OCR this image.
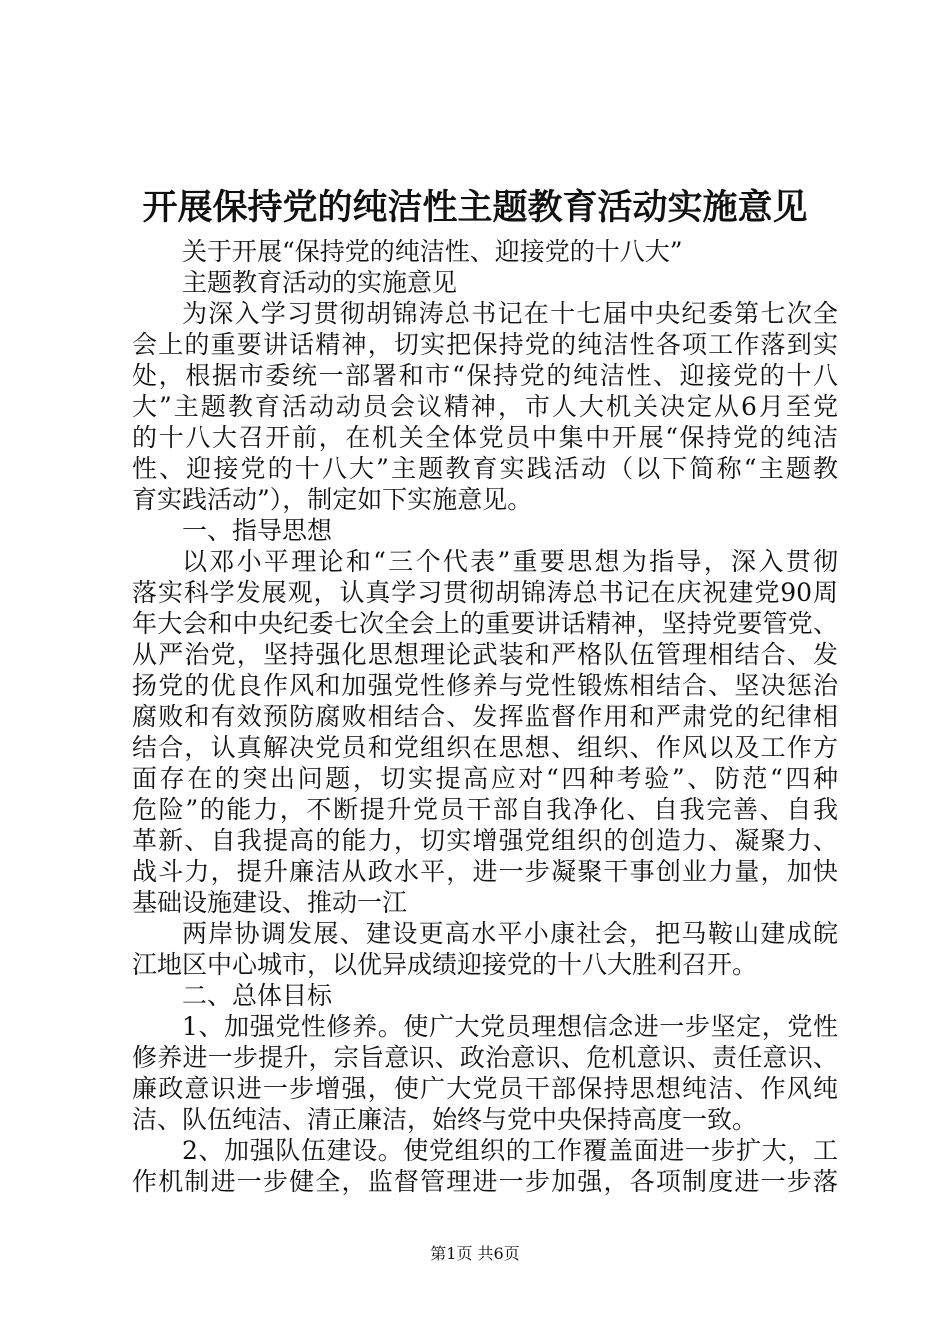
开展保持党的纯洁性主题教育活动实施意见
关于开展“保持党的纯洁性、迎接党的十八大”
主题教育活动的实施意见
为深入学习贯彻胡锦涛总书记在十七届中央纪委第七次全
会上的重要讲话精神，切实把保持党的纯洁性各项工作落到实
处，根据市委统一部署和市“保持党的纯洁性、迎接党的十八
大”主题教育活动动员会议精神，市人大机关决定从6月至党
的十八大召开前，在机关全体党员中集中开展“保持党的纯洁
性、迎接党的十八大”主题教育实践活动（以下简称“主题教
育实践活动”），制定如下实施意见。
一、指导思想
以邓小平理论和“三个代表”重要思想为指导，深入贯彻
落实科学发展观，认真学习贯彻胡锦涛总书记在庆祝建党90周
年大会和中央纪委七次全会上的重要讲话精神，坚持党要管党、
从严治党，坚持强化思想理论武装和严格队伍管理相结合、发
扬党的优良作风和加强党性修养与党性锻炼相结合、坚决惩治
腐败和有效预防腐败相结合、发挥监督作用和严肃党的纪律相
结合，认真解决党员和党组织在思想、组织、作风以及工作方
面存在的突出问题，切实提高应对“四种考验”、防范“四种
危险”的能力，不断提升党员干部自我净化、自我完善、自我
革新、自我提高的能力，切实增强党组织的创造力、凝聚力、
战斗力，提升廉洁从政水平，进一步凝聚干事创业力量，加快
基础设施建设、推动一江
两岸协调发展、建设更高水平小康社会，把马鞍山建成皖
江地区中心城市，以优异成绩迎接党的十八大胜利召开。
二、总体目标
1、加强党性修养。使广大党员理想信念进一步坚定，党性
修养进一步提升，宗旨意识、政治意识、危机意识、责任意识、
廉政意识进一步增强，使广大党员干部保持思想纯洁、作风纯
洁、队伍纯洁、清正廉洁，始终与党中央保持高度一致。
2、加强队伍建设。使党组织的工作覆盖面进一步扩大，工
作机制进一步健全，监督管理进一步加强，各项制度进一步落
第1页 共6页
